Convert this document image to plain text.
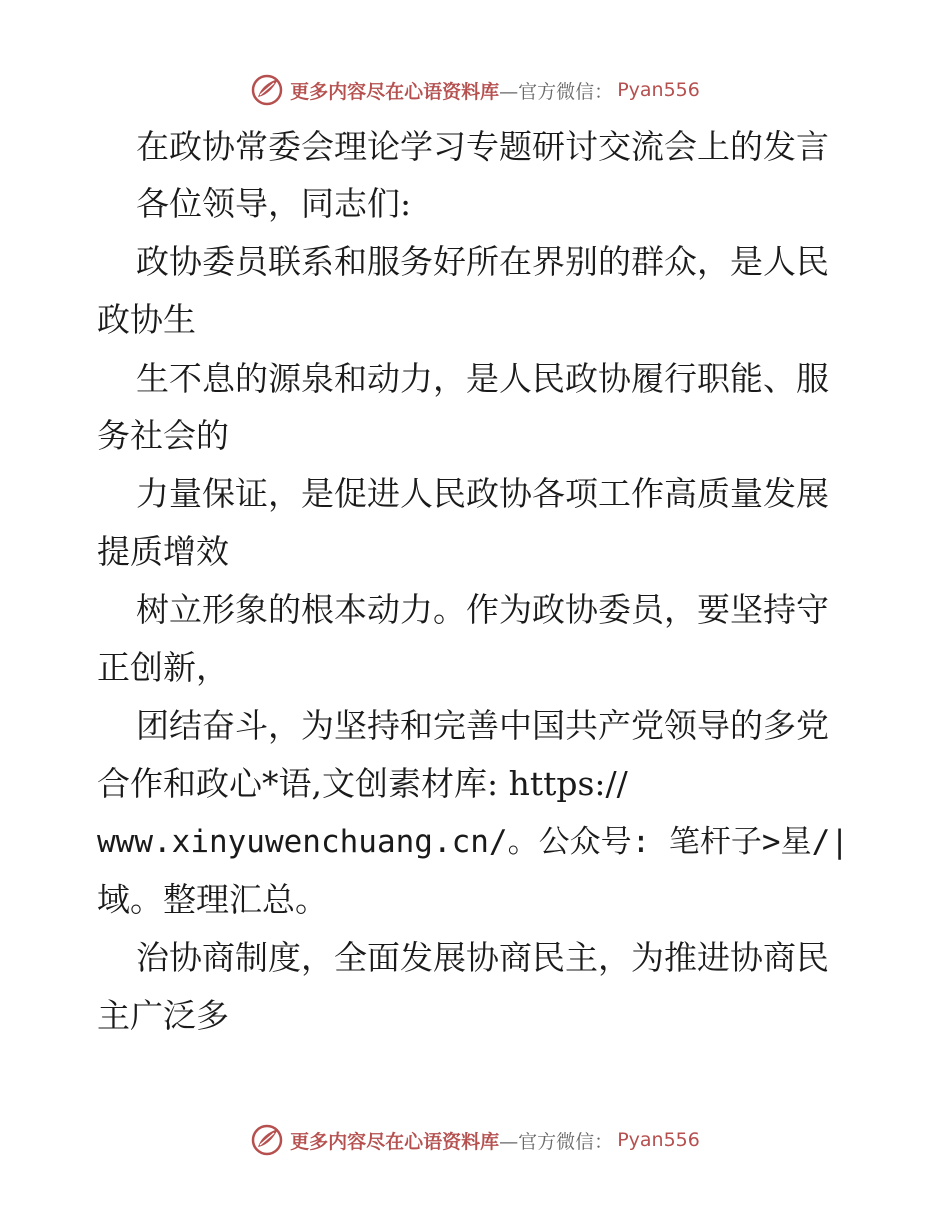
更多内容尽在心语资料库 —官方微信： Pyan556
在政协常委会理论学习专题研讨交流会上的发言
各位领导，同志们:
政协委员联系和服务好所在界别的群众，是人民
政协生
生不息的源泉和动力，是人民政协履行职能、服
务社会的
力量保证，是促进人民政协各项工作高质量发展
提质增效
树立形象的根本动力。作为政协委员，要坚持守
正创新，
团结奋斗，为坚持和完善中国共产党领导的多党
合作和政心*语,文创素材库: https://
www.xinyuwenchuang.cn/。公众号: 笔杆子>星/|
域。整理汇总。
治协商制度，全面发展协商民主，为推进协商民
主广泛多
更多内容尽在心语资料库 —官方微信： Pyan556
